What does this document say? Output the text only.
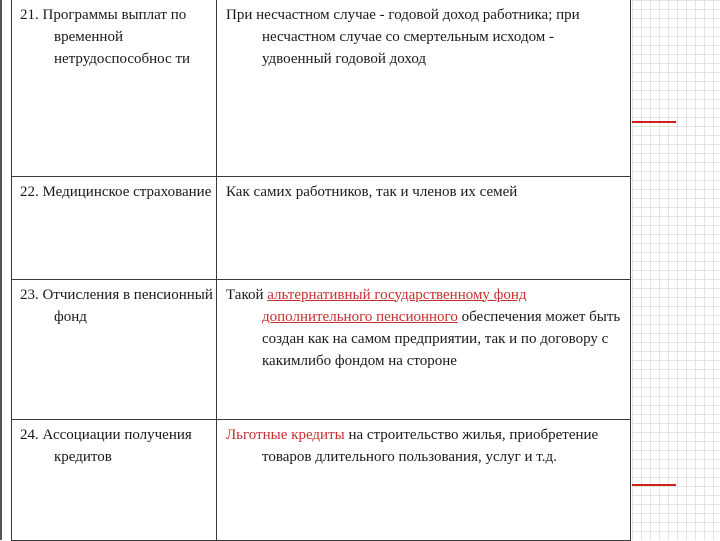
21. Программы выплат по временной нетрудоспособнос ти	При несчастном случае - годовой доход работника; при несчастном случае со смертельным исходом - удвоенный годовой доход

22. Медицинское страхование	Как самих работников, так и членов их семей

23. Отчисления в пенсионный фонд	Такой альтернативный государственному фонд дополнительного пенсионного обеспечения может быть создан как на самом предприятии, так и по договору с какимлибо фондом на стороне

24. Ассоциации получения кредитов	Льготные кредиты на строительство жилья, приобретение товаров длительного пользования, услуг и т.д.
